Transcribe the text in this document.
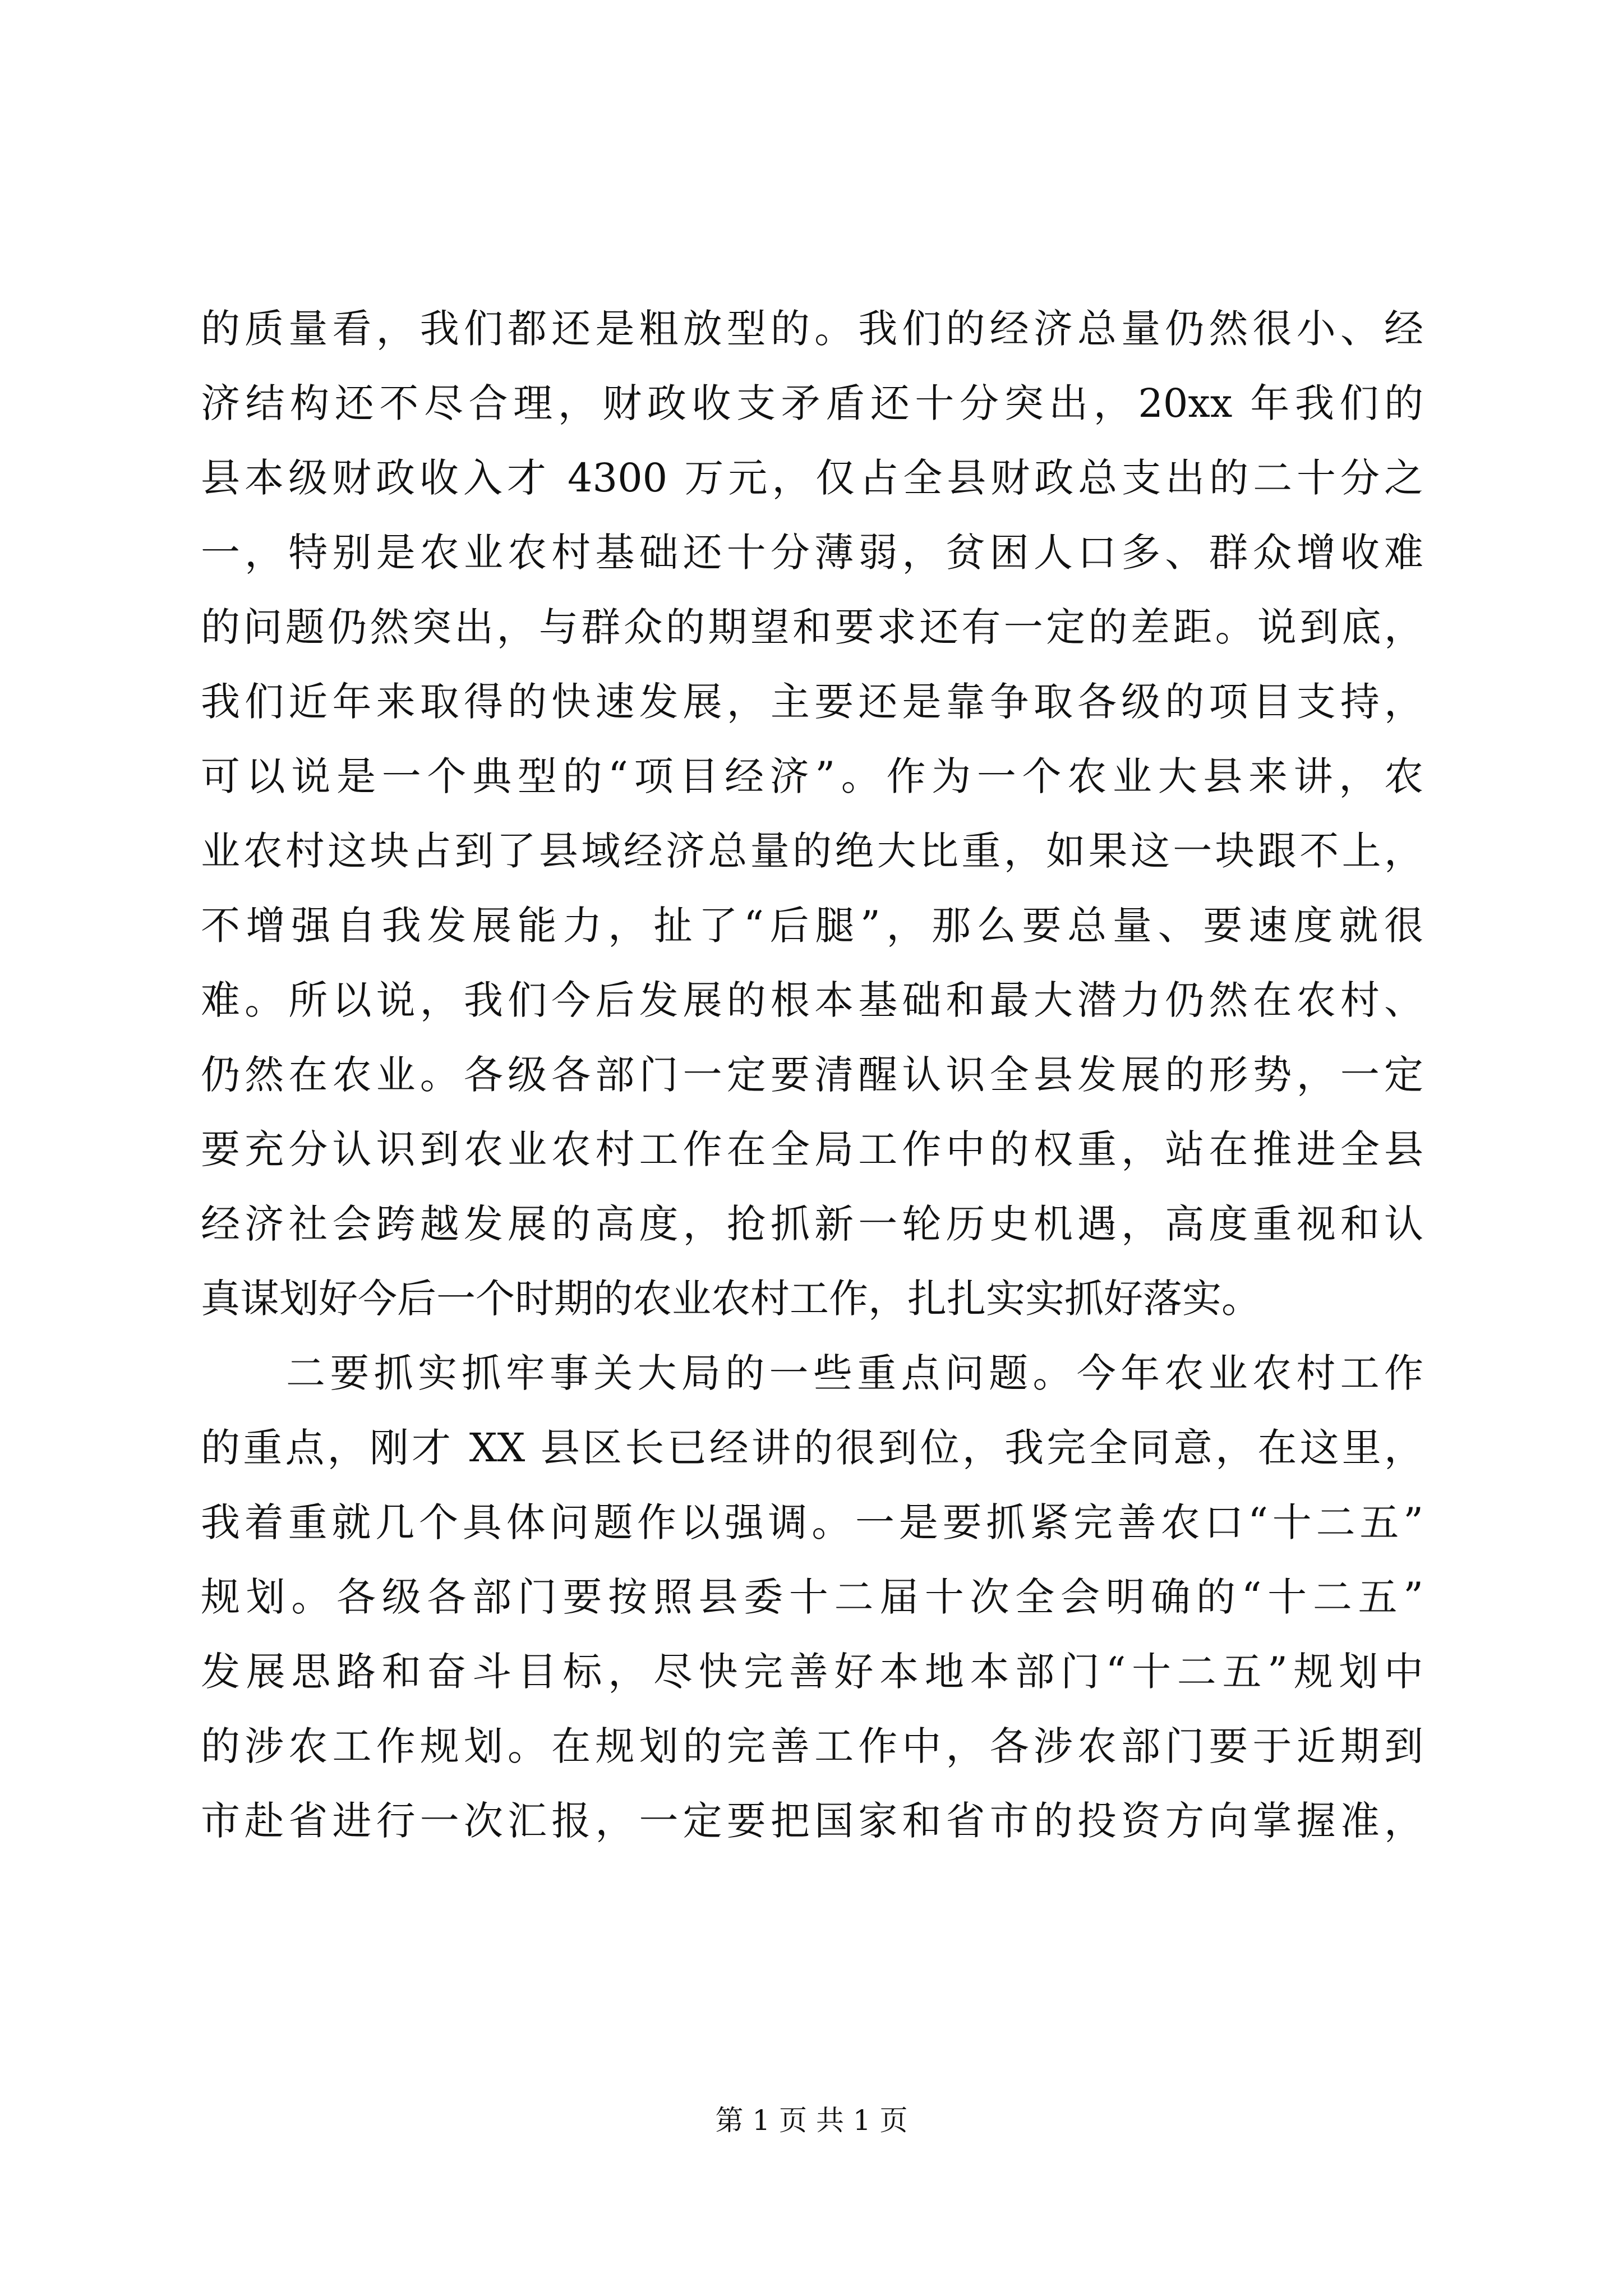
的质量看，我们都还是粗放型的。我们的经济总量仍然很小、经
济结构还不尽合理，财政收支矛盾还十分突出，20xx 年我们的
县本级财政收入才 4300 万元，仅占全县财政总支出的二十分之
一，特别是农业农村基础还十分薄弱，贫困人口多、群众增收难
的问题仍然突出，与群众的期望和要求还有一定的差距。说到底，
我们近年来取得的快速发展，主要还是靠争取各级的项目支持，
可以说是一个典型的“项目经济”。作为一个农业大县来讲，农
业农村这块占到了县域经济总量的绝大比重，如果这一块跟不上，
不增强自我发展能力，扯了“后腿”，那么要总量、要速度就很
难。所以说，我们今后发展的根本基础和最大潜力仍然在农村、
仍然在农业。各级各部门一定要清醒认识全县发展的形势，一定
要充分认识到农业农村工作在全局工作中的权重，站在推进全县
经济社会跨越发展的高度，抢抓新一轮历史机遇，高度重视和认
真谋划好今后一个时期的农业农村工作，扎扎实实抓好落实。
二要抓实抓牢事关大局的一些重点问题。今年农业农村工作
的重点，刚才 XX 县区长已经讲的很到位，我完全同意，在这里，
我着重就几个具体问题作以强调。一是要抓紧完善农口“十二五”
规划。各级各部门要按照县委十二届十次全会明确的“十二五”
发展思路和奋斗目标，尽快完善好本地本部门“十二五”规划中
的涉农工作规划。在规划的完善工作中，各涉农部门要于近期到
市赴省进行一次汇报，一定要把国家和省市的投资方向掌握准，
第 1 页 共 1 页
